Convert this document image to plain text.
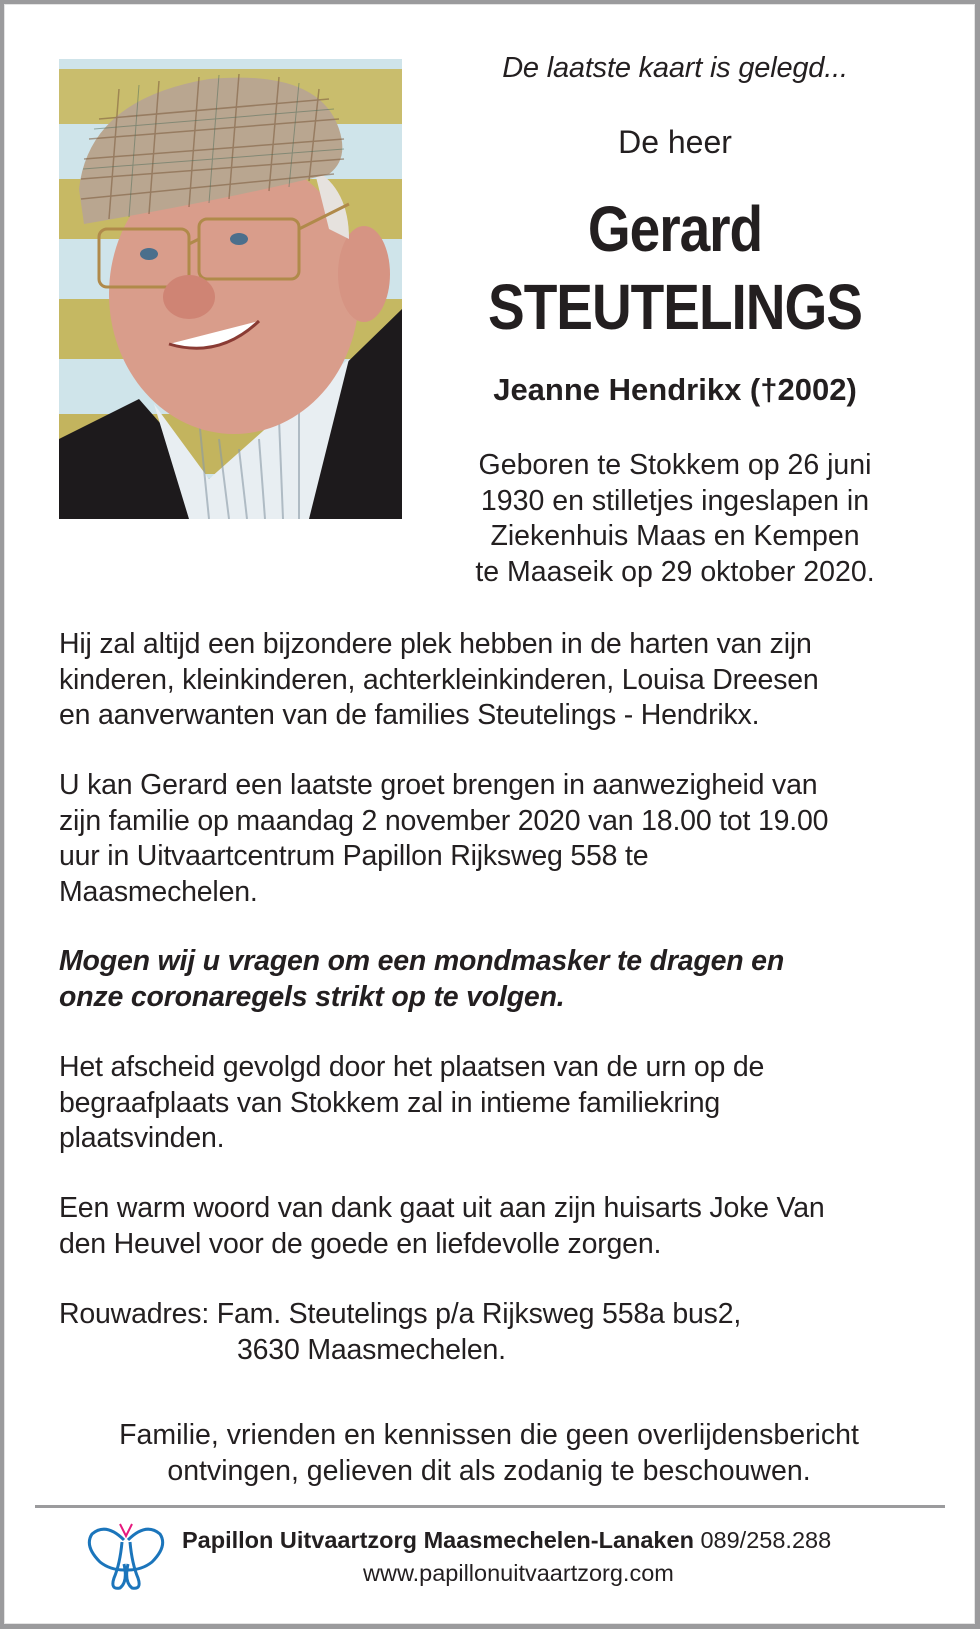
De laatste kaart is gelegd...
De heer
Gerard
STEUTELINGS
Jeanne Hendrikx (†2002)
Geboren te Stokkem op 26 juni
1930 en stilletjes ingeslapen in
Ziekenhuis Maas en Kempen
te Maaseik op 29 oktober 2020.
Hij zal altijd een bijzondere plek hebben in de harten van zijn
kinderen, kleinkinderen, achterkleinkinderen, Louisa Dreesen
en aanverwanten van de families Steutelings - Hendrikx.
U kan Gerard een laatste groet brengen in aanwezigheid van
zijn familie op maandag 2 november 2020 van 18.00 tot 19.00
uur in Uitvaartcentrum Papillon Rijksweg 558 te
Maasmechelen.
Mogen wij u vragen om een mondmasker te dragen en
onze coronaregels strikt op te volgen.
Het afscheid gevolgd door het plaatsen van de urn op de
begraafplaats van Stokkem zal in intieme familiekring
plaatsvinden.
Een warm woord van dank gaat uit aan zijn huisarts Joke Van
den Heuvel voor de goede en liefdevolle zorgen.
Rouwadres: Fam. Steutelings p/a Rijksweg 558a bus2,
3630 Maasmechelen.
Familie, vrienden en kennissen die geen overlijdensbericht
ontvingen, gelieven dit als zodanig te beschouwen.
Papillon Uitvaartzorg Maasmechelen-Lanaken 089/258.288
www.papillonuitvaartzorg.com
